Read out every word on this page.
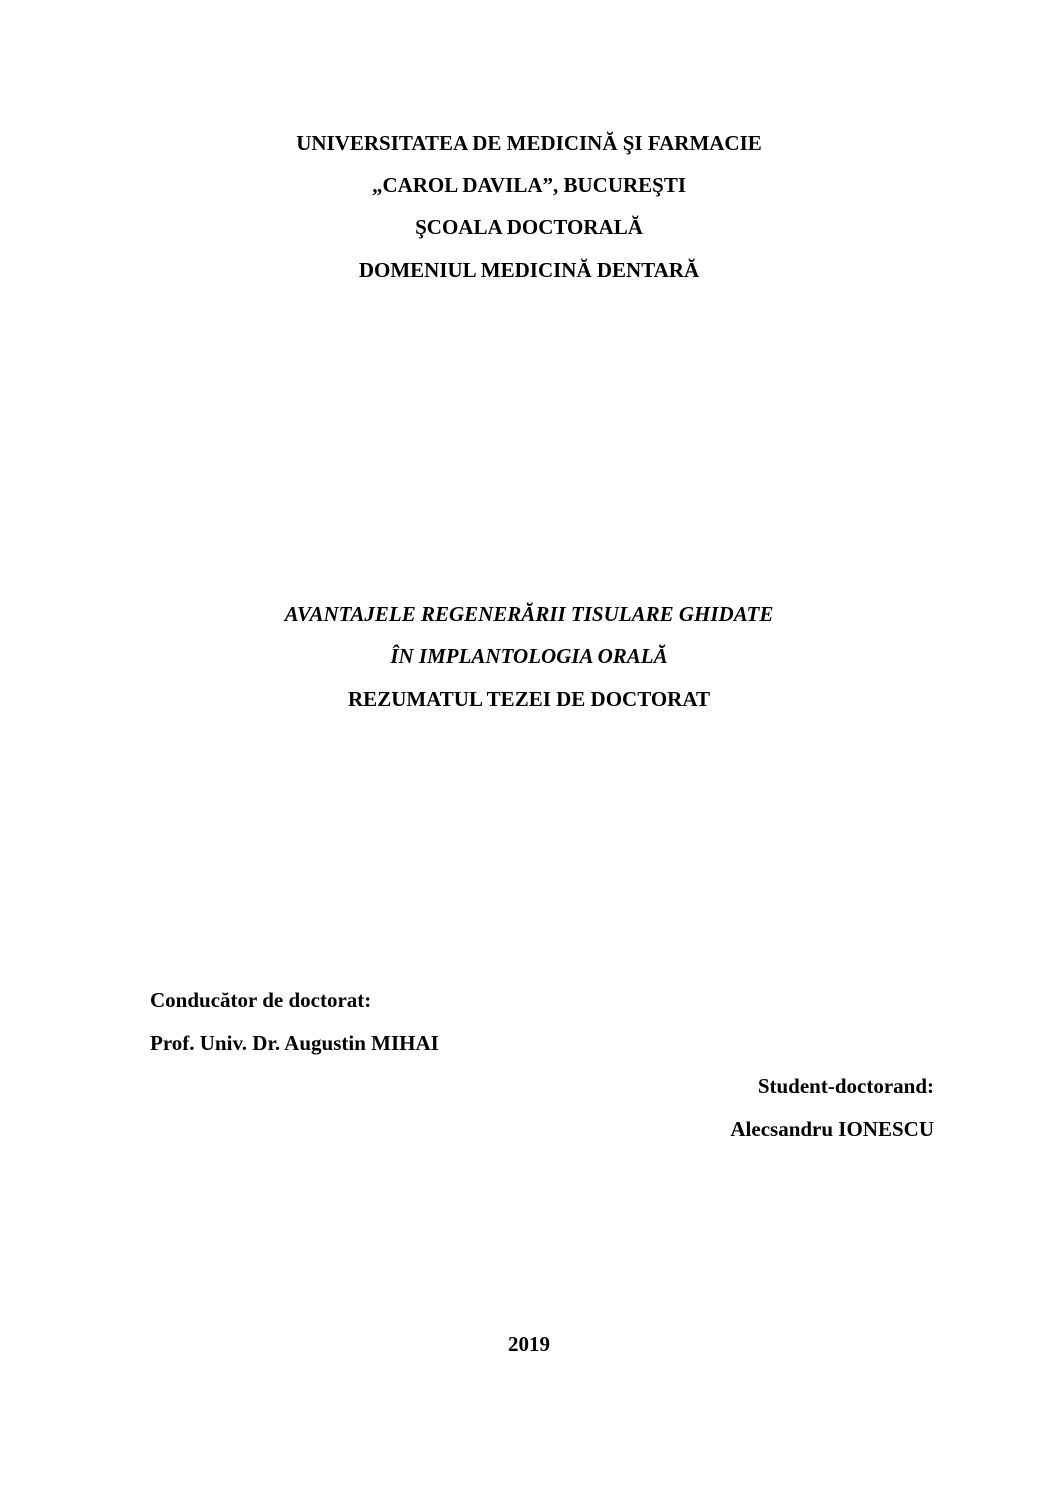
UNIVERSITATEA DE MEDICINĂ ŞI FARMACIE
„CAROL DAVILA”, BUCUREŞTI
ŞCOALA DOCTORALĂ
DOMENIUL MEDICINĂ DENTARĂ
AVANTAJELE REGENERĂRII TISULARE GHIDATE
ÎN IMPLANTOLOGIA ORALĂ
REZUMATUL TEZEI DE DOCTORAT
Conducător de doctorat:
Prof. Univ. Dr. Augustin MIHAI
Student-doctorand:
Alecsandru IONESCU
2019
